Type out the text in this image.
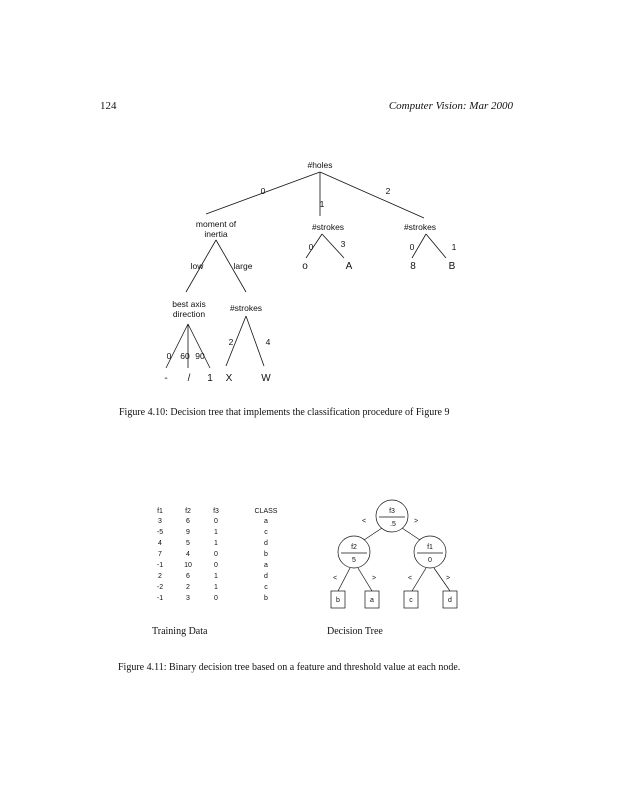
124	Computer Vision: Mar 2000
#holes
0
1
2
moment of
inertia
#strokes	#strokes
0	3	0	1
o	A	8	B
low	large
best axis
direction
#strokes
2	4
0 60 90
- / 1 X	W
f3
.5
f2
5
f1
0
<	>
<	>	<	>
b	a	c	d
Figure 4.10: Decision tree that implements the classification procedure of Figure 9
f1	f2	f3	CLASS
3	6	0	a
-5	9	1	c
4	5	1	d
7	4	0	b
-1	10	0	a
2	6	1	d
-2	2	1	c
-1	3	0	b
Training Data	Decision Tree
Figure 4.11: Binary decision tree based on a feature and threshold value at each node.
